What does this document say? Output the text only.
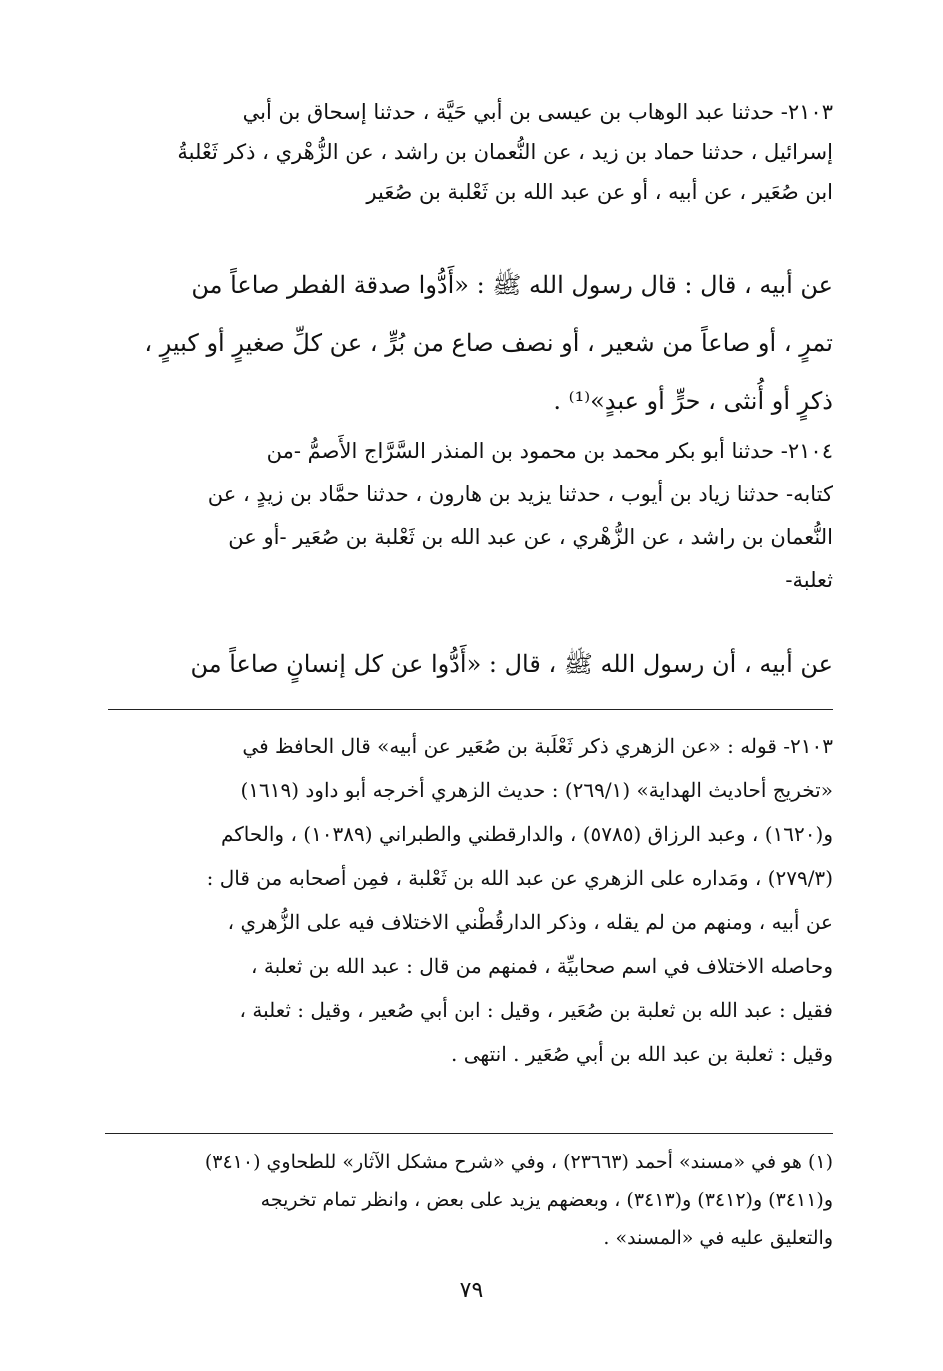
٢١٠٣- حدثنا عبد الوهاب بن عيسى بن أبي حَيَّة ، حدثنا إسحاق بن أبي
إسرائيل ، حدثنا حماد بن زيد ، عن النُّعمان بن راشد ، عن الزُّهْري ، ذكر ثَعْلبةُ
ابن صُعَير ، عن أبيه ، أو عن عبد الله بن ثَعْلبة بن صُعَير
عن أبيه ، قال : قال رسول الله ﷺ : «أَدُّوا صدقة الفطر صاعاً من
تمرٍ ، أو صاعاً من شعير ، أو نصف صاع من بُرٍّ ، عن كلِّ صغيرٍ أو كبيرٍ ،
ذكرٍ أو أُنثى ، حرٍّ أو عبدٍ»⁽¹⁾ .
٢١٠٤- حدثنا أبو بكر محمد بن محمود بن المنذر السَّرَّاج الأَصمُّ -من
كتابه- حدثنا زياد بن أيوب ، حدثنا يزيد بن هارون ، حدثنا حمَّاد بن زيدٍ ، عن
النُّعمان بن راشد ، عن الزُّهْري ، عن عبد الله بن ثَعْلبة بن صُعَير -أو عن
ثعلبة-
عن أبيه ، أن رسول الله ﷺ ، قال : «أَدُّوا عن كل إنسانٍ صاعاً من
٢١٠٣- قوله : «عن الزهري ذكر ثَعْلَبة بن صُعَير عن أبيه» قال الحافظ في
«تخريج أحاديث الهداية» (٢٦٩/١) : حديث الزهري أخرجه أبو داود (١٦١٩)
و(١٦٢٠) ، وعبد الرزاق (٥٧٨٥) ، والدارقطني والطبراني (١٠٣٨٩) ، والحاكم
(٢٧٩/٣) ، ومَداره على الزهري عن عبد الله بن ثَعْلبة ، فمِن أصحابه من قال :
عن أبيه ، ومنهم من لم يقله ، وذكر الدارقُطْني الاختلاف فيه على الزُّهري ،
وحاصله الاختلاف في اسم صحابيِّة ، فمنهم من قال : عبد الله بن ثعلبة ،
فقيل : عبد الله بن ثعلبة بن صُعَير ، وقيل : ابن أبي صُعير ، وقيل : ثعلبة ،
وقيل : ثعلبة بن عبد الله بن أبي صُعَير . انتهى .
(١) هو في «مسند» أحمد (٢٣٦٦٣) ، وفي «شرح مشكل الآثار» للطحاوي (٣٤١٠)
و(٣٤١١) و(٣٤١٢) و(٣٤١٣) ، وبعضهم يزيد على بعض ، وانظر تمام تخريجه
والتعليق عليه في «المسند» .
٧٩
